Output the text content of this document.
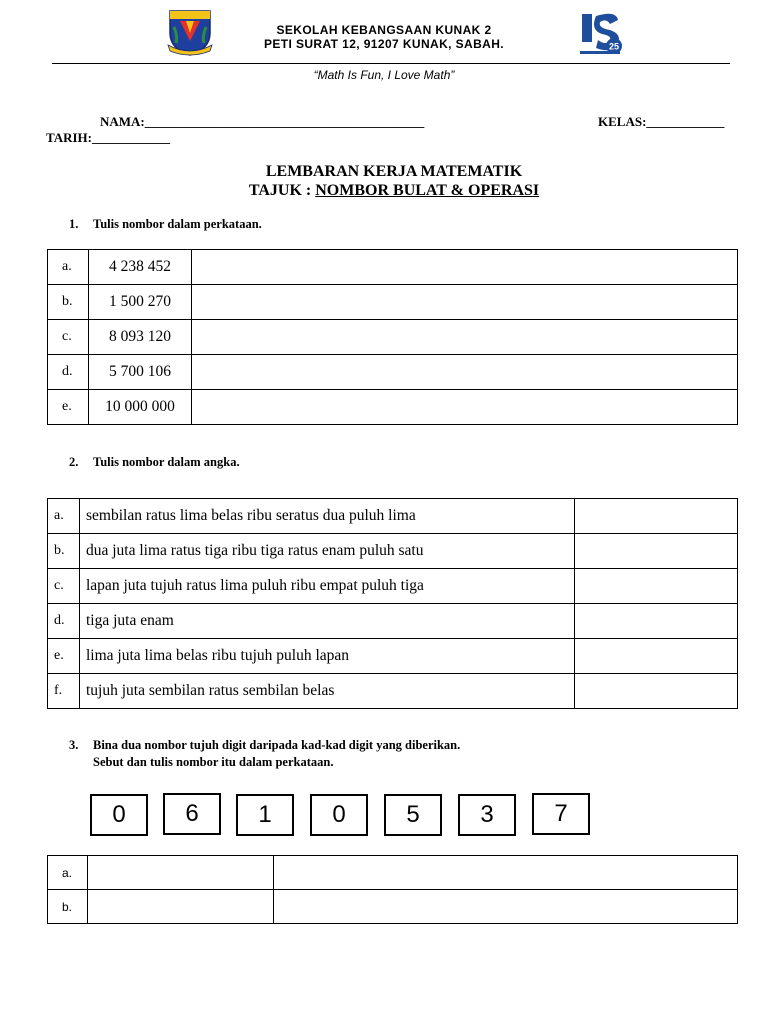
SEKOLAH KEBANGSAAN KUNAK 2
PETI SURAT 12, 91207 KUNAK, SABAH.	25
“Math Is Fun, I Love Math”
NAMA:___________________________________________	KELAS:____________
TARIH:____________
LEMBARAN KERJA MATEMATIK
TAJUK : NOMBOR BULAT & OPERASI
1. Tulis nombor dalam perkataan.
a.	4 238 452	
b.	1 500 270	
c.	8 093 120	
d.	5 700 106	
e.	10 000 000	
2. Tulis nombor dalam angka.
a.	sembilan ratus lima belas ribu seratus dua puluh lima	
b.	dua juta lima ratus tiga ribu tiga ratus enam puluh satu	
c.	lapan juta tujuh ratus lima puluh ribu empat puluh tiga	
d.	tiga juta enam	
e.	lima juta lima belas ribu tujuh puluh lapan	
f.	tujuh juta sembilan ratus sembilan belas	
3. Bina dua nombor tujuh digit daripada kad-kad digit yang diberikan.
Sebut dan tulis nombor itu dalam perkataan.
0	6	1	0	5	3	7
a.		
b.		
